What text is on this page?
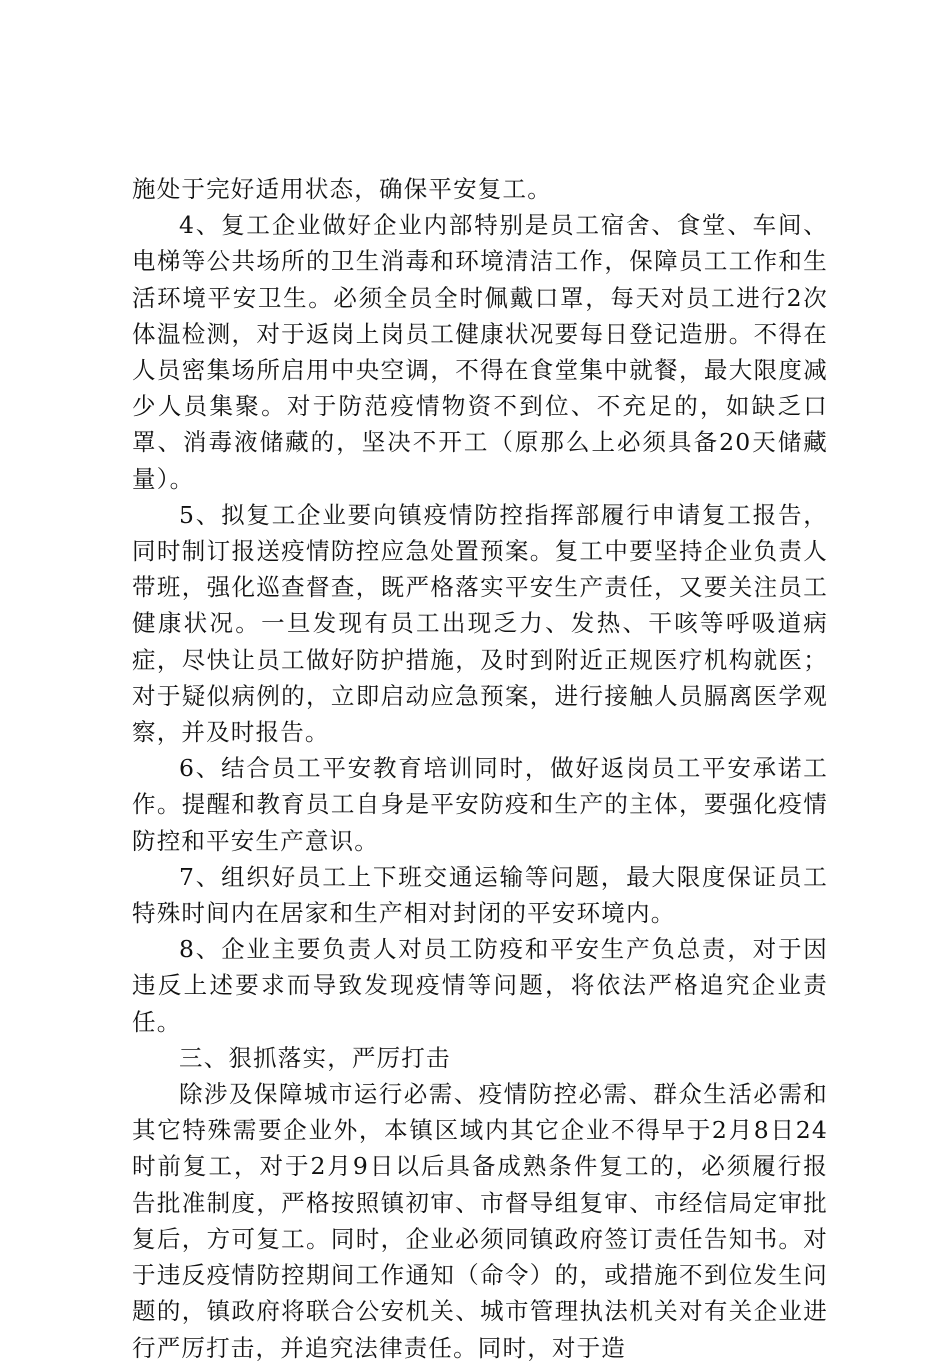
施处于完好适用状态，确保平安复工。

4、复工企业做好企业内部特别是员工宿舍、食堂、车间、电梯等公共场所的卫生消毒和环境清洁工作，保障员工工作和生活环境平安卫生。必须全员全时佩戴口罩，每天对员工进行2次体温检测，对于返岗上岗员工健康状况要每日登记造册。不得在人员密集场所启用中央空调，不得在食堂集中就餐，最大限度减少人员集聚。对于防范疫情物资不到位、不充足的，如缺乏口罩、消毒液储藏的，坚决不开工（原那么上必须具备20天储藏量）。

5、拟复工企业要向镇疫情防控指挥部履行申请复工报告，同时制订报送疫情防控应急处置预案。复工中要坚持企业负责人带班，强化巡查督查，既严格落实平安生产责任，又要关注员工健康状况。一旦发现有员工出现乏力、发热、干咳等呼吸道病症，尽快让员工做好防护措施，及时到附近正规医疗机构就医；对于疑似病例的，立即启动应急预案，进行接触人员膈离医学观察，并及时报告。

6、结合员工平安教育培训同时，做好返岗员工平安承诺工作。提醒和教育员工自身是平安防疫和生产的主体，要强化疫情防控和平安生产意识。

7、组织好员工上下班交通运输等问题，最大限度保证员工特殊时间内在居家和生产相对封闭的平安环境内。

8、企业主要负责人对员工防疫和平安生产负总责，对于因违反上述要求而导致发现疫情等问题，将依法严格追究企业责任。

三、狠抓落实，严厉打击

除涉及保障城市运行必需、疫情防控必需、群众生活必需和其它特殊需要企业外，本镇区域内其它企业不得早于2月8日24时前复工，对于2月9日以后具备成熟条件复工的，必须履行报告批准制度，严格按照镇初审、市督导组复审、市经信局定审批复后，方可复工。同时，企业必须同镇政府签订责任告知书。对于违反疫情防控期间工作通知（命令）的，或措施不到位发生问题的，镇政府将联合公安机关、城市管理执法机关对有关企业进行严厉打击，并追究法律责任。同时，对于造
